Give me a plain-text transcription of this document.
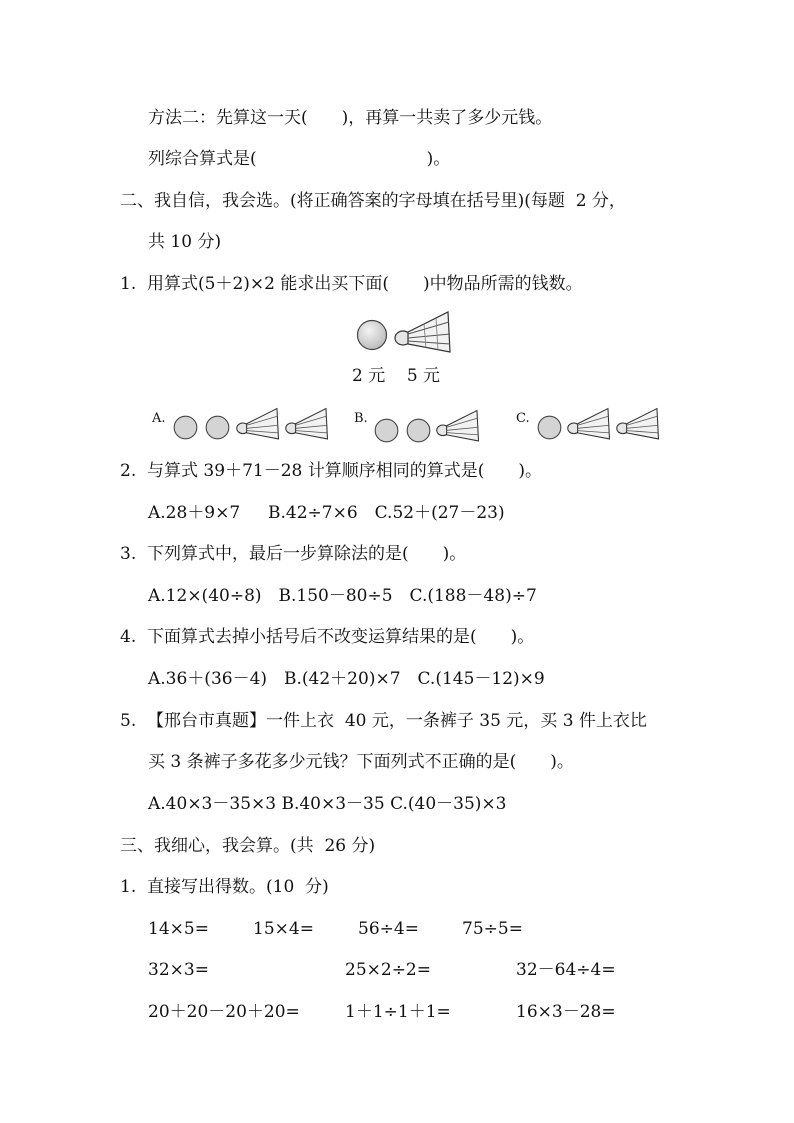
方法二：先算这一天(　　)，再算一共卖了多少元钱。
列综合算式是(　　　　　　　　　　)。
二、我自信，我会选。(将正确答案的字母填在括号里)(每题  2 分，
共 10 分)
1.  用算式(5＋2)×2 能求出买下面(　　)中物品所需的钱数。
2 元    5 元
A.	B.	C.
2.  与算式 39＋71－28 计算顺序相同的算式是(　　)。
A.28＋9×7　  B.42÷7×6　C.52＋(27－23)
3.  下列算式中，最后一步算除法的是(　　)。
A.12×(40÷8)　B.150－80÷5　C.(188－48)÷7
4.  下面算式去掉小括号后不改变运算结果的是(　　)。
A.36＋(36－4)　B.(42＋20)×7　C.(145－12)×9
5.  【邢台市真题】一件上衣  40 元，一条裤子 35 元，买 3 件上衣比
买 3 条裤子多花多少元钱？下面列式不正确的是(　　)。
A.40×3－35×3 B.40×3－35 C.(40－35)×3
三、我细心，我会算。(共  26 分)
1.  直接写出得数。(10  分)
14×5=	15×4=	56÷4=	75÷5=
32×3=	25×2÷2=	32－64÷4=
20＋20－20＋20=	1＋1÷1＋1=	16×3－28=
